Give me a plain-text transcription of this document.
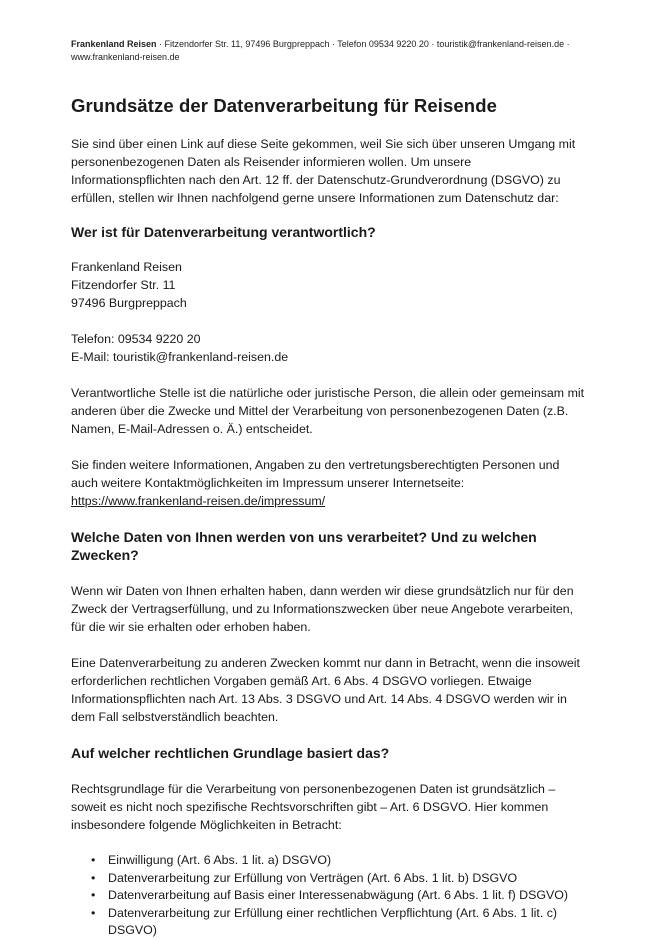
Frankenland Reisen · Fitzendorfer Str. 11, 97496 Burgpreppach · Telefon 09534 9220 20 · touristik@frankenland-reisen.de ·
www.frankenland-reisen.de
Grundsätze der Datenverarbeitung für Reisende

Sie sind über einen Link auf diese Seite gekommen, weil Sie sich über unseren Umgang mit personenbezogenen Daten als Reisender informieren wollen. Um unsere Informationspflichten nach den Art. 12 ff. der Datenschutz-Grundverordnung (DSGVO) zu erfüllen, stellen wir Ihnen nachfolgend gerne unsere Informationen zum Datenschutz dar:

Wer ist für Datenverarbeitung verantwortlich?

Frankenland Reisen
Fitzendorfer Str. 11
97496 Burgpreppach

Telefon: 09534 9220 20
E-Mail: touristik@frankenland-reisen.de

Verantwortliche Stelle ist die natürliche oder juristische Person, die allein oder gemeinsam mit anderen über die Zwecke und Mittel der Verarbeitung von personenbezogenen Daten (z.B. Namen, E-Mail-Adressen o. Ä.) entscheidet.

Sie finden weitere Informationen, Angaben zu den vertretungsberechtigten Personen und auch weitere Kontaktmöglichkeiten im Impressum unserer Internetseite: https://www.frankenland-reisen.de/impressum/

Welche Daten von Ihnen werden von uns verarbeitet? Und zu welchen Zwecken?

Wenn wir Daten von Ihnen erhalten haben, dann werden wir diese grundsätzlich nur für den Zweck der Vertragserfüllung, und zu Informationszwecken über neue Angebote verarbeiten, für die wir sie erhalten oder erhoben haben.

Eine Datenverarbeitung zu anderen Zwecken kommt nur dann in Betracht, wenn die insoweit erforderlichen rechtlichen Vorgaben gemäß Art. 6 Abs. 4 DSGVO vorliegen. Etwaige Informationspflichten nach Art. 13 Abs. 3 DSGVO und Art. 14 Abs. 4 DSGVO werden wir in dem Fall selbstverständlich beachten.

Auf welcher rechtlichen Grundlage basiert das?

Rechtsgrundlage für die Verarbeitung von personenbezogenen Daten ist grundsätzlich – soweit es nicht noch spezifische Rechtsvorschriften gibt – Art. 6 DSGVO. Hier kommen insbesondere folgende Möglichkeiten in Betracht:

• Einwilligung (Art. 6 Abs. 1 lit. a) DSGVO)
• Datenverarbeitung zur Erfüllung von Verträgen (Art. 6 Abs. 1 lit. b) DSGVO
• Datenverarbeitung auf Basis einer Interessenabwägung (Art. 6 Abs. 1 lit. f) DSGVO)
• Datenverarbeitung zur Erfüllung einer rechtlichen Verpflichtung (Art. 6 Abs. 1 lit. c) DSGVO)
